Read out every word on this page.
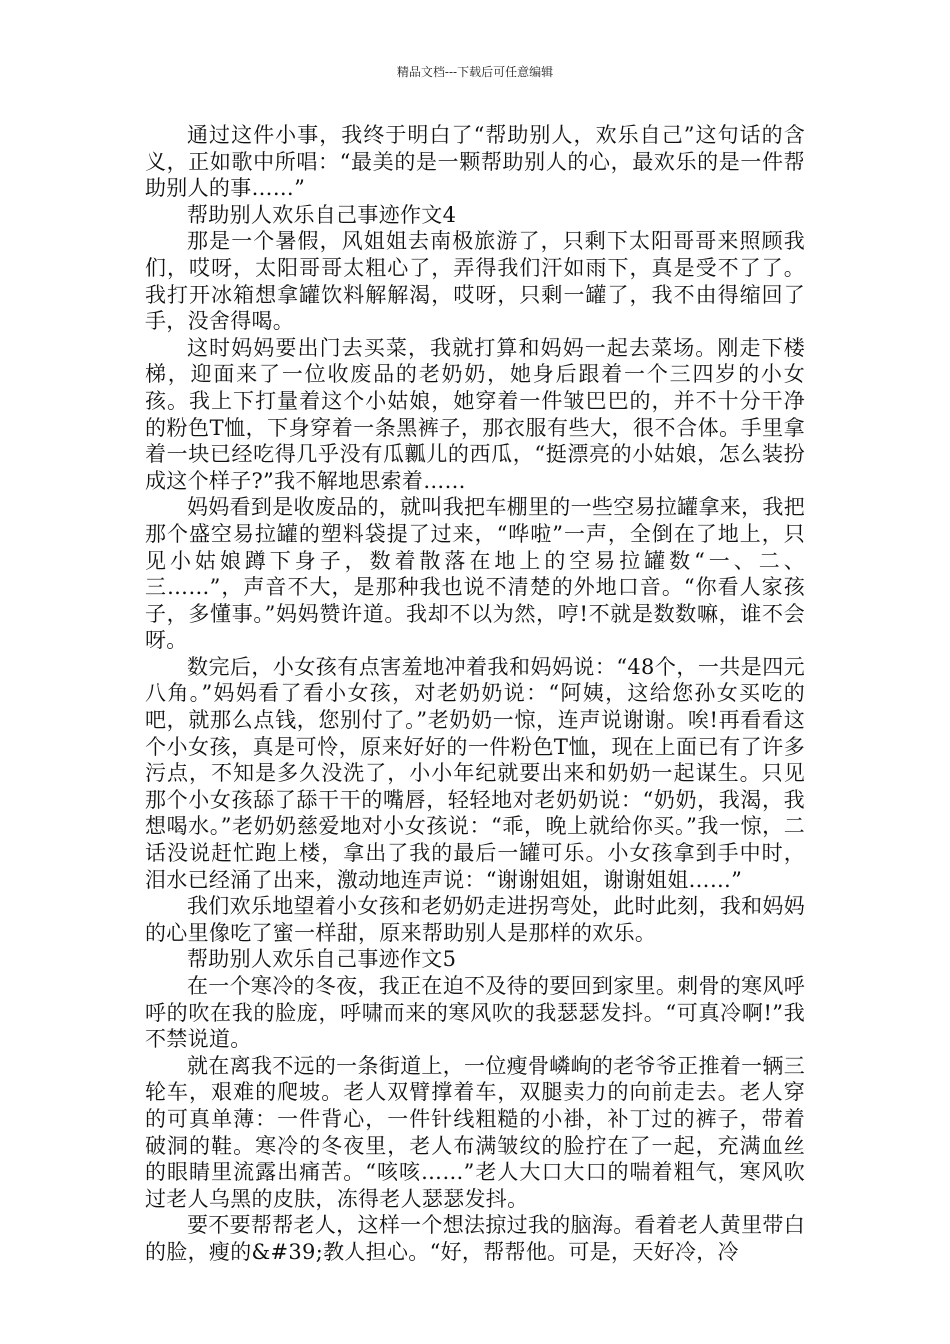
精品文档---下载后可任意编辑

通过这件小事，我终于明白了“帮助别人，欢乐自己”这句话的含义，正如歌中所唱：“最美的是一颗帮助别人的心，最欢乐的是一件帮助别人的事……”

帮助别人欢乐自己事迹作文4

那是一个暑假，风姐姐去南极旅游了，只剩下太阳哥哥来照顾我们，哎呀，太阳哥哥太粗心了，弄得我们汗如雨下，真是受不了了。我打开冰箱想拿罐饮料解解渴，哎呀，只剩一罐了，我不由得缩回了手，没舍得喝。

这时妈妈要出门去买菜，我就打算和妈妈一起去菜场。刚走下楼梯，迎面来了一位收废品的老奶奶，她身后跟着一个三四岁的小女孩。我上下打量着这个小姑娘，她穿着一件皱巴巴的，并不十分干净的粉色T恤，下身穿着一条黑裤子，那衣服有些大，很不合体。手里拿着一块已经吃得几乎没有瓜瓤儿的西瓜，“挺漂亮的小姑娘，怎么装扮成这个样子?”我不解地思索着……

妈妈看到是收废品的，就叫我把车棚里的一些空易拉罐拿来，我把那个盛空易拉罐的塑料袋提了过来，“哗啦”一声，全倒在了地上，只见小姑娘蹲下身子，数着散落在地上的空易拉罐数“一、二、三……”，声音不大，是那种我也说不清楚的外地口音。“你看人家孩子，多懂事。”妈妈赞许道。我却不以为然，哼!不就是数数嘛，谁不会呀。

数完后，小女孩有点害羞地冲着我和妈妈说：“48个，一共是四元八角。”妈妈看了看小女孩，对老奶奶说：“阿姨，这给您孙女买吃的吧，就那么点钱，您别付了。”老奶奶一惊，连声说谢谢。唉!再看看这个小女孩，真是可怜，原来好好的一件粉色T恤，现在上面已有了许多污点，不知是多久没洗了，小小年纪就要出来和奶奶一起谋生。只见那个小女孩舔了舔干干的嘴唇，轻轻地对老奶奶说：“奶奶，我渴，我想喝水。”老奶奶慈爱地对小女孩说：“乖，晚上就给你买。”我一惊，二话没说赶忙跑上楼，拿出了我的最后一罐可乐。小女孩拿到手中时，泪水已经涌了出来，激动地连声说：“谢谢姐姐，谢谢姐姐……”

我们欢乐地望着小女孩和老奶奶走进拐弯处，此时此刻，我和妈妈的心里像吃了蜜一样甜，原来帮助别人是那样的欢乐。

帮助别人欢乐自己事迹作文5

在一个寒冷的冬夜，我正在迫不及待的要回到家里。刺骨的寒风呼呼的吹在我的脸庞，呼啸而来的寒风吹的我瑟瑟发抖。“可真冷啊!”我不禁说道。

就在离我不远的一条街道上，一位瘦骨嶙峋的老爷爷正推着一辆三轮车，艰难的爬坡。老人双臂撑着车，双腿卖力的向前走去。老人穿的可真单薄：一件背心，一件针线粗糙的小褂，补丁过的裤子，带着破洞的鞋。寒冷的冬夜里，老人布满皱纹的脸拧在了一起，充满血丝的眼睛里流露出痛苦。“咳咳……”老人大口大口的喘着粗气，寒风吹过老人乌黑的皮肤，冻得老人瑟瑟发抖。

要不要帮帮老人，这样一个想法掠过我的脑海。看着老人黄里带白的脸，瘦的&#39;教人担心。“好，帮帮他。可是，天好冷，冷
